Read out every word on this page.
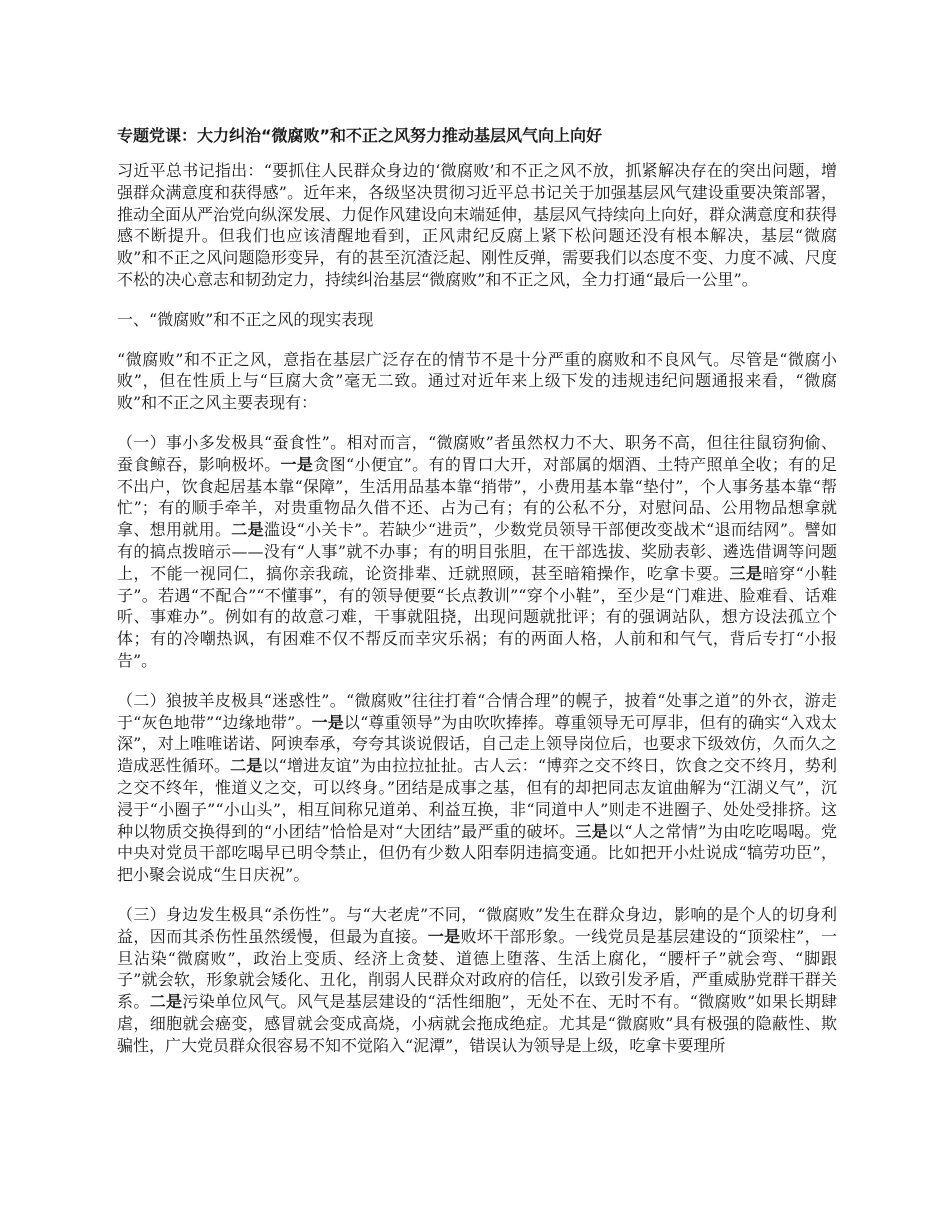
专题党课：大力纠治“微腐败”和不正之风努力推动基层风气向上向好

习近平总书记指出：“要抓住人民群众身边的‘微腐败’和不正之风不放，抓紧解决存在的突出问题，增强群众满意度和获得感”。近年来，各级坚决贯彻习近平总书记关于加强基层风气建设重要决策部署，推动全面从严治党向纵深发展、力促作风建设向末端延伸，基层风气持续向上向好，群众满意度和获得感不断提升。但我们也应该清醒地看到，正风肃纪反腐上紧下松问题还没有根本解决，基层“微腐败”和不正之风问题隐形变异，有的甚至沉渣泛起、刚性反弹，需要我们以态度不变、力度不减、尺度不松的决心意志和韧劲定力，持续纠治基层“微腐败”和不正之风，全力打通“最后一公里”。

一、“微腐败”和不正之风的现实表现

“微腐败”和不正之风，意指在基层广泛存在的情节不是十分严重的腐败和不良风气。尽管是“微腐小败”，但在性质上与“巨腐大贪”毫无二致。通过对近年来上级下发的违规违纪问题通报来看，“微腐败”和不正之风主要表现有：

（一）事小多发极具“蚕食性”。相对而言，“微腐败”者虽然权力不大、职务不高，但往往鼠窃狗偷、蚕食鲸吞，影响极坏。一是贪图“小便宜”。有的胃口大开，对部属的烟酒、土特产照单全收；有的足不出户，饮食起居基本靠“保障”，生活用品基本靠“捎带”，小费用基本靠“垫付”，个人事务基本靠“帮忙”；有的顺手牵羊，对贵重物品久借不还、占为己有；有的公私不分，对慰问品、公用物品想拿就拿、想用就用。二是滥设“小关卡”。若缺少“进贡”，少数党员领导干部便改变战术“退而结网”。譬如有的搞点拨暗示——没有“人事”就不办事；有的明目张胆，在干部选拔、奖励表彰、遴选借调等问题上，不能一视同仁，搞你亲我疏，论资排辈、迁就照顾，甚至暗箱操作，吃拿卡要。三是暗穿“小鞋子”。若遇“不配合”“不懂事”，有的领导便要“长点教训”“穿个小鞋”，至少是“门难进、脸难看、话难听、事难办”。例如有的故意刁难，干事就阻挠，出现问题就批评；有的强调站队，想方设法孤立个体；有的冷嘲热讽，有困难不仅不帮反而幸灾乐祸；有的两面人格，人前和和气气，背后专打“小报告”。

（二）狼披羊皮极具“迷惑性”。“微腐败”往往打着“合情合理”的幌子，披着“处事之道”的外衣，游走于“灰色地带”“边缘地带”。一是以“尊重领导”为由吹吹捧捧。尊重领导无可厚非，但有的确实“入戏太深”，对上唯唯诺诺、阿谀奉承，夸夸其谈说假话，自己走上领导岗位后，也要求下级效仿，久而久之造成恶性循环。二是以“增进友谊”为由拉拉扯扯。古人云：“博弈之交不终日，饮食之交不终月，势利之交不终年，惟道义之交，可以终身。”团结是成事之基，但有的却把同志友谊曲解为“江湖义气”，沉浸于“小圈子”“小山头”，相互间称兄道弟、利益互换，非“同道中人”则走不进圈子、处处受排挤。这种以物质交换得到的“小团结”恰恰是对“大团结”最严重的破坏。三是以“人之常情”为由吃吃喝喝。党中央对党员干部吃喝早已明令禁止，但仍有少数人阳奉阴违搞变通。比如把开小灶说成“犒劳功臣”，把小聚会说成“生日庆祝”。

（三）身边发生极具“杀伤性”。与“大老虎”不同，“微腐败”发生在群众身边，影响的是个人的切身利益，因而其杀伤性虽然缓慢，但最为直接。一是败坏干部形象。一线党员是基层建设的“顶梁柱”，一旦沾染“微腐败”，政治上变质、经济上贪婪、道德上堕落、生活上腐化，“腰杆子”就会弯、“脚跟子”就会软，形象就会矮化、丑化，削弱人民群众对政府的信任，以致引发矛盾，严重威胁党群干群关系。二是污染单位风气。风气是基层建设的“活性细胞”，无处不在、无时不有。“微腐败”如果长期肆虐，细胞就会癌变，感冒就会变成高烧，小病就会拖成绝症。尤其是“微腐败”具有极强的隐蔽性、欺骗性，广大党员群众很容易不知不觉陷入“泥潭”，错误认为领导是上级，吃拿卡要理所
